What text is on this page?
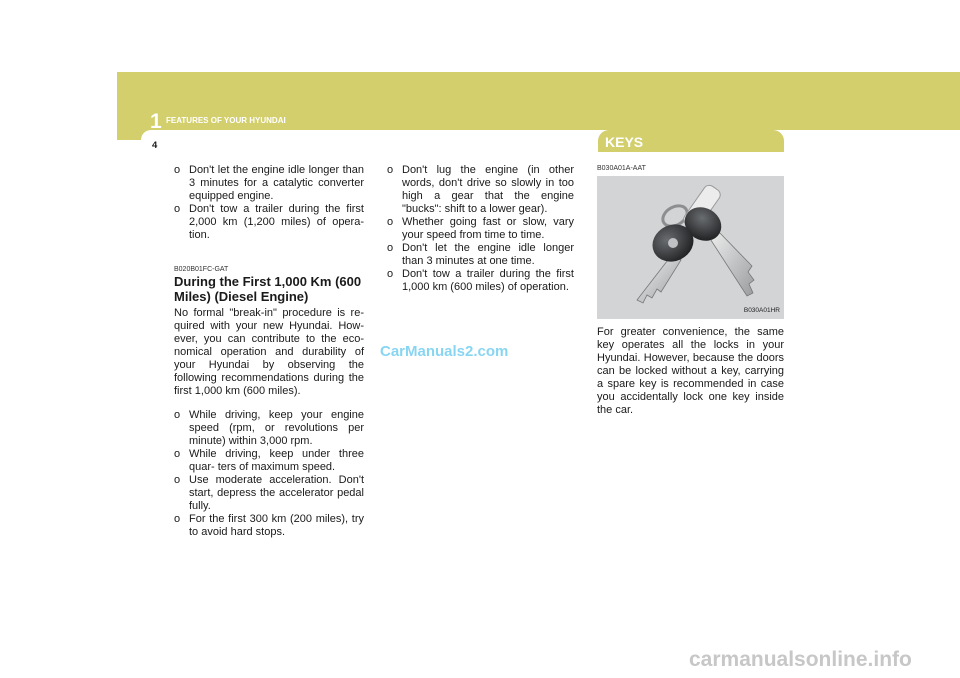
1 FEATURES OF YOUR HYUNDAI
4	KEYS
o Don't let the engine idle longer than 3 minutes for a catalytic converter equipped engine.
o Don't tow a trailer during the first 2,000 km (1,200 miles) of opera- tion.
B020B01FC-GAT

During the First 1,000 Km (600 Miles) (Diesel Engine)

No formal "break-in" procedure is re- quired with your new Hyundai. How- ever, you can contribute to the eco- nomical operation and durability of your Hyundai by observing the following recommendations during the first 1,000 km (600 miles).

o While driving, keep your engine speed (rpm, or revolutions per minute) within 3,000 rpm.
o While driving, keep under three quar- ters of maximum speed.
o Use moderate acceleration. Don't start, depress the accelerator pedal fully.
o For the first 300 km (200 miles), try to avoid hard stops.
o Don't lug the engine (in other words, don't drive so slowly in too high a gear that the engine "bucks": shift to a lower gear).
o Whether going fast or slow, vary your speed from time to time.
o Don't let the engine idle longer than 3 minutes at one time.
o Don't tow a trailer during the first 1,000 km (600 miles) of operation.
B030A01A-AAT
B030A01HR

For greater convenience, the same key operates all the locks in your Hyundai. However, because the doors can be locked without a key, carrying a spare key is recommended in case you accidentally lock one key inside the car.

CarManuals2.com
carmanualsonline.info
